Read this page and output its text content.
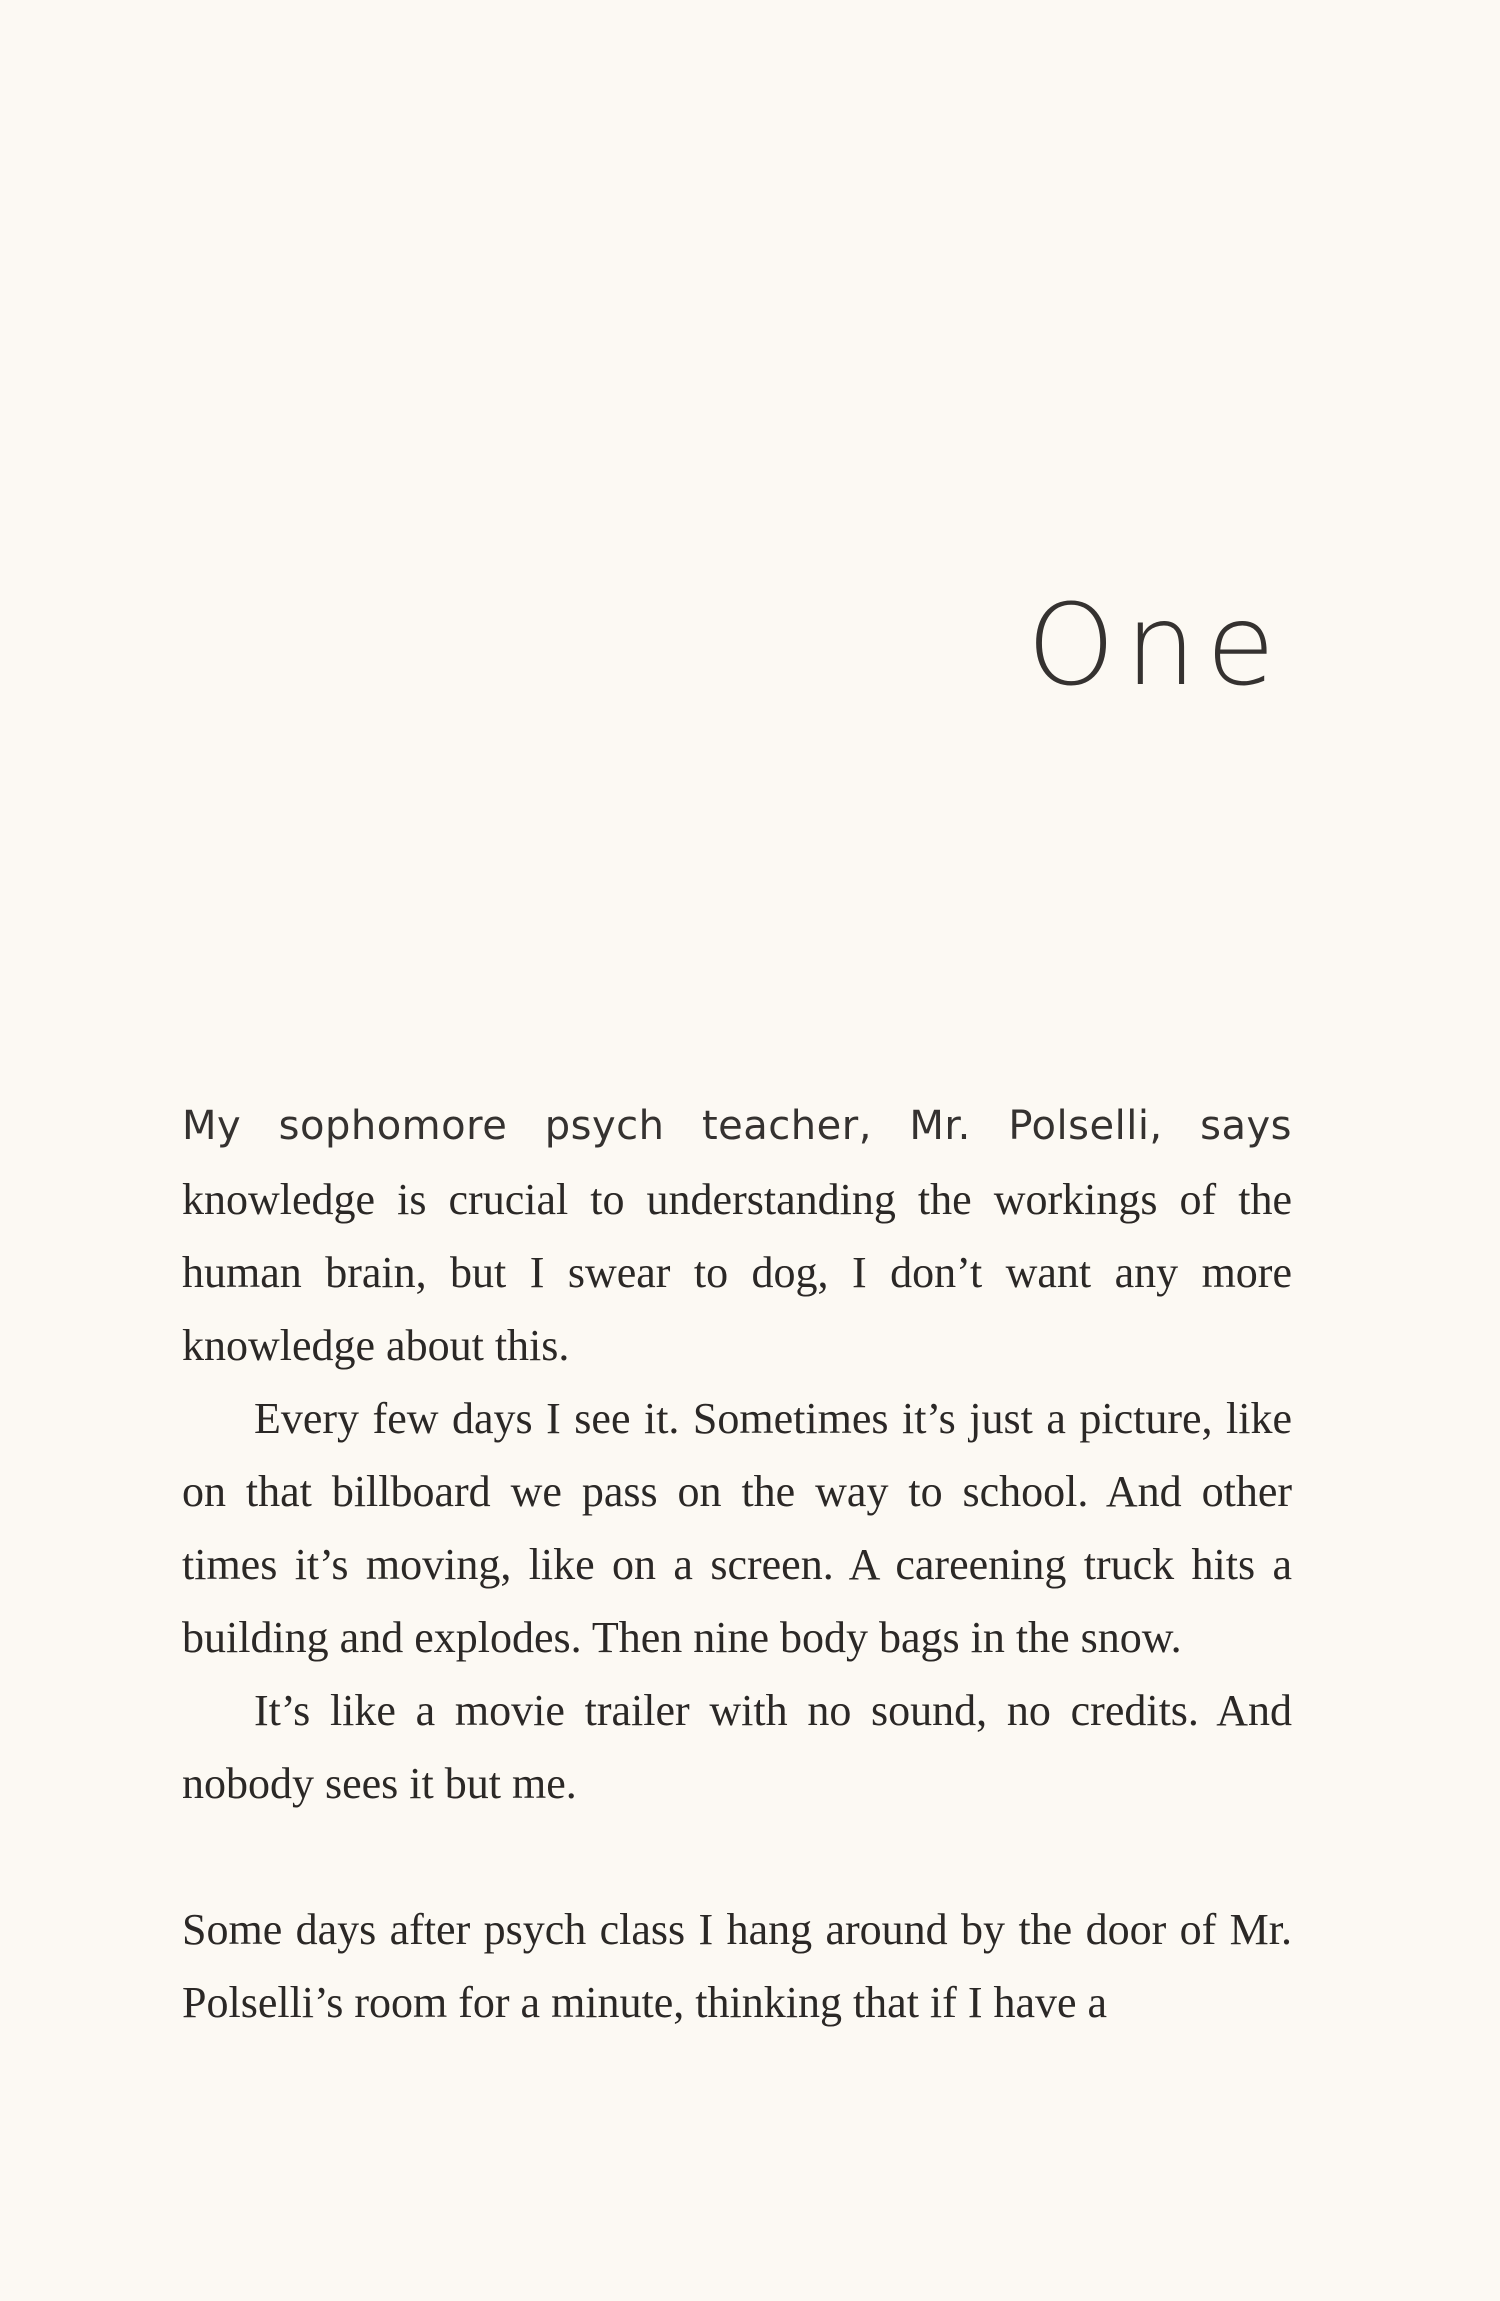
One

My sophomore psych teacher, Mr. Polselli, says knowledge is crucial to understanding the workings of the human brain, but I swear to dog, I don’t want any more knowledge about this.

Every few days I see it. Sometimes it’s just a picture, like on that billboard we pass on the way to school. And other times it’s moving, like on a screen. A careening truck hits a building and explodes. Then nine body bags in the snow.

It’s like a movie trailer with no sound, no credits. And nobody sees it but me.

Some days after psych class I hang around by the door of Mr. Polselli’s room for a minute, thinking that if I have a
